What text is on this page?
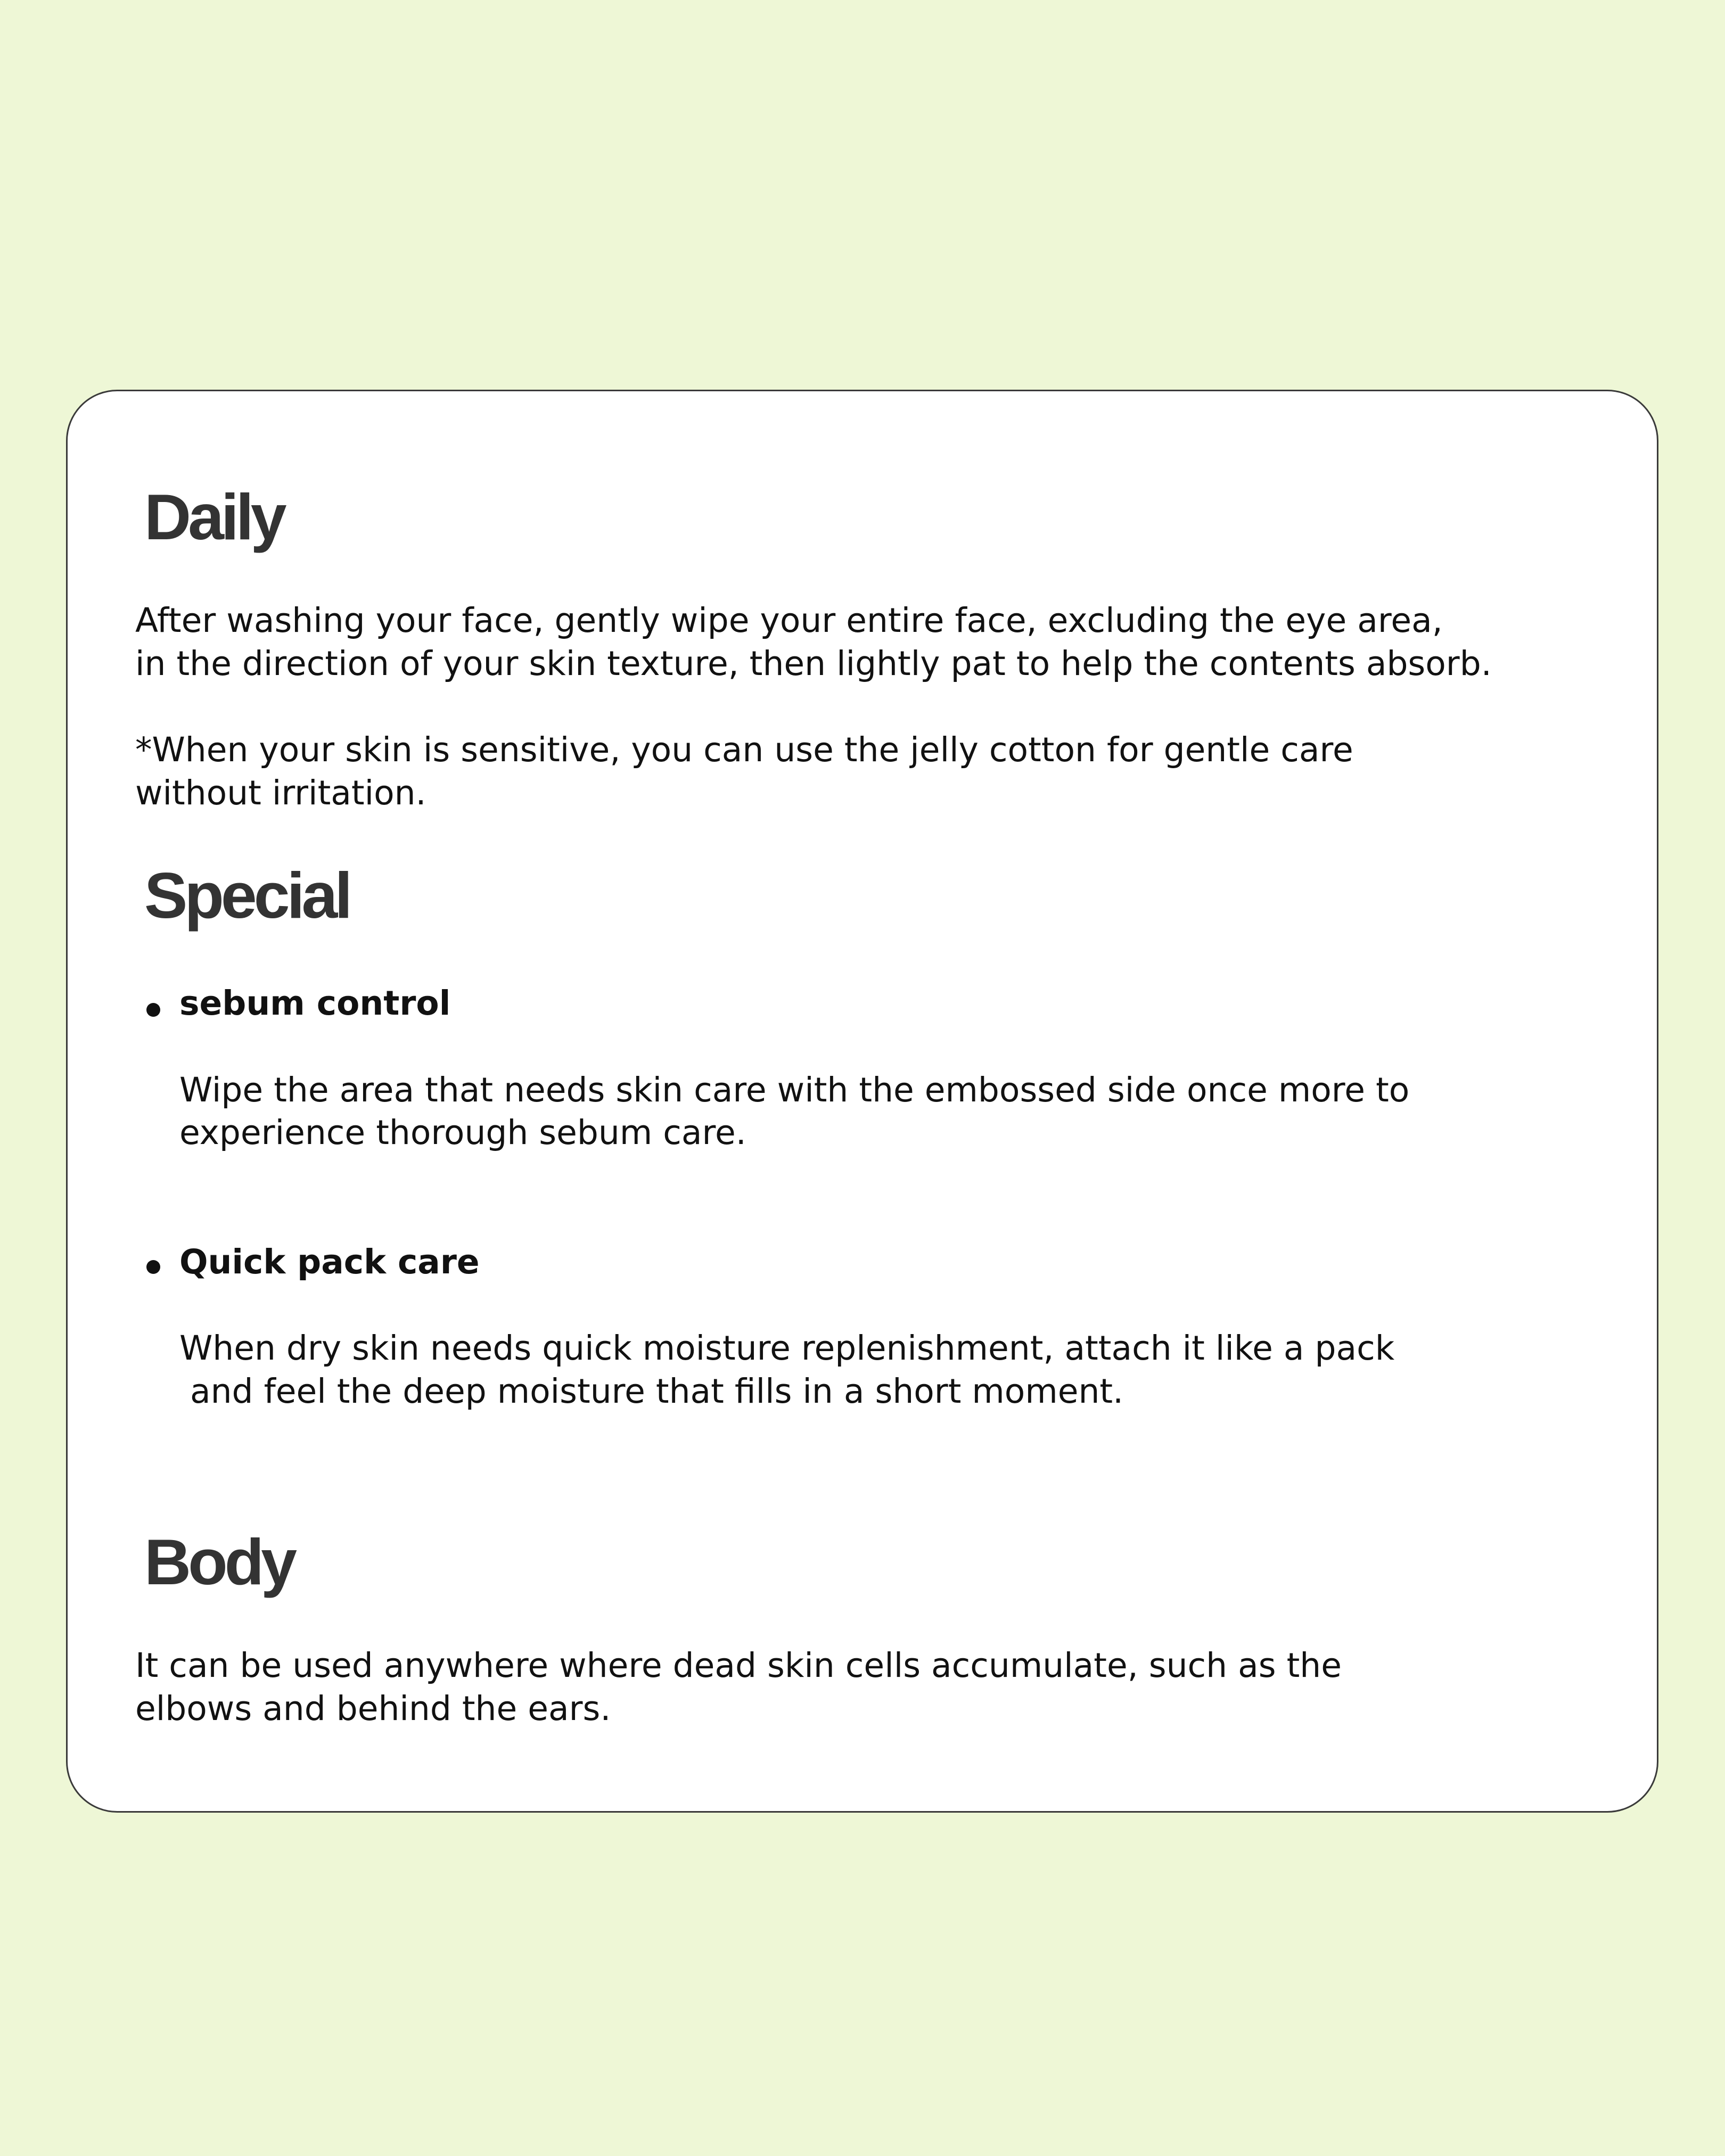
Daily

After washing your face, gently wipe your entire face, excluding the eye area,

in the direction of your skin texture, then lightly pat to help the contents absorb.

*When your skin is sensitive, you can use the jelly cotton for gentle care

without irritation.

Special

sebum control

Wipe the area that needs skin care with the embossed side once more to

experience thorough sebum care.

Quick pack care

When dry skin needs quick moisture replenishment, attach it like a pack

and feel the deep moisture that fills in a short moment.

Body

It can be used anywhere where dead skin cells accumulate, such as the

elbows and behind the ears.
